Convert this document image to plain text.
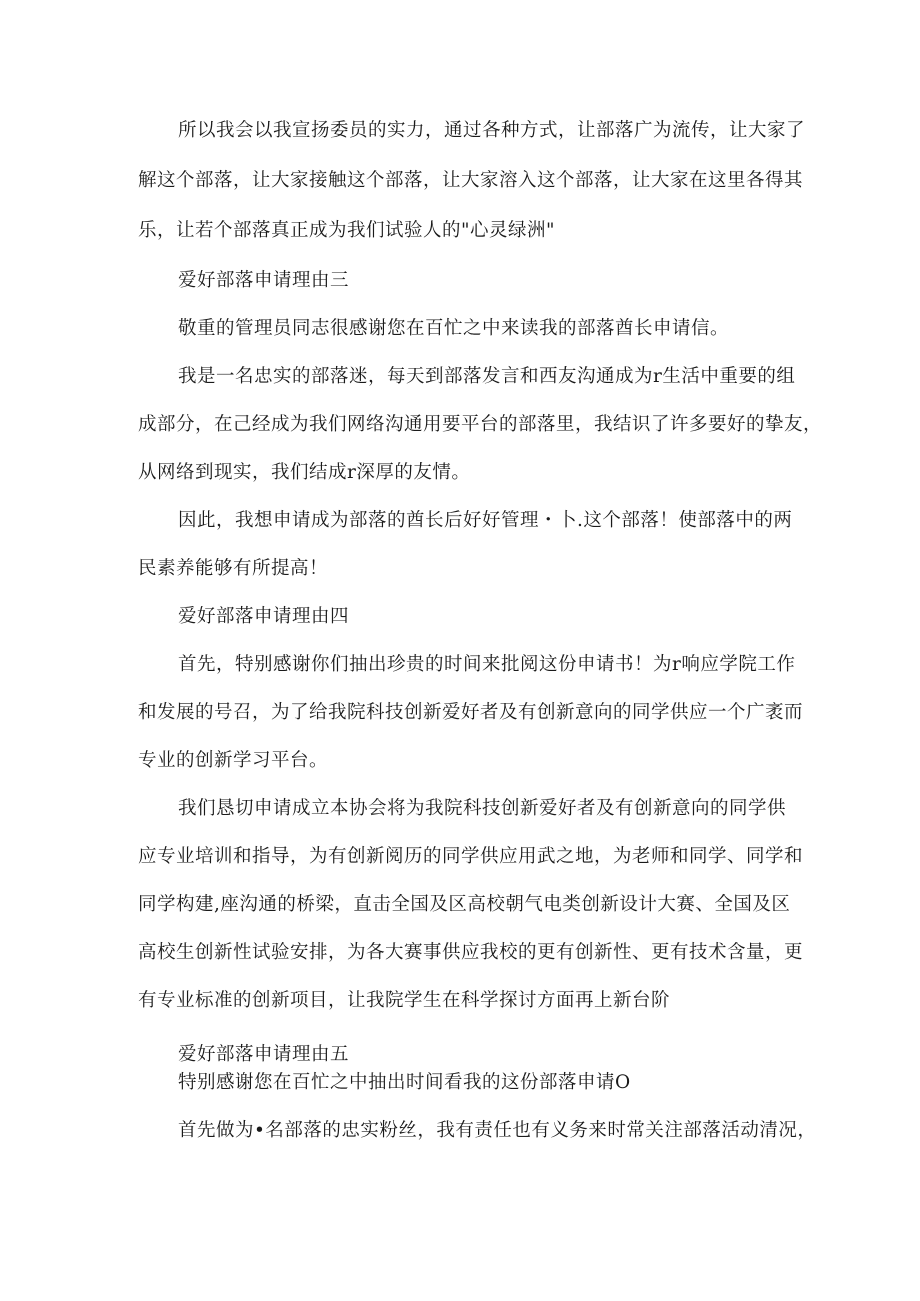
所以我会以我宣扬委员的实力，通过各种方式，让部落广为流传，让大家了
解这个部落，让大家接触这个部落，让大家溶入这个部落，让大家在这里各得其
乐，让若个部落真正成为我们试验人的"心灵绿洲"
爱好部落申请理由三
敬重的管理员同志很感谢您在百忙之中来读我的部落酋长申请信。
我是一名忠实的部落迷，每天到部落发言和西友沟通成为r生活中重要的组
成部分，在己经成为我们网络沟通用要平台的部落里，我结识了许多要好的挚友，
从网络到现实，我们结成r深厚的友情。
因此，我想申请成为部落的酋长后好好管理・卜.这个部落！使部落中的两
民素养能够有所提高！
爱好部落申请理由四
首先，特别感谢你们抽出珍贵的时间来批阅这份申请书！为r响应学院工作
和发展的号召，为了给我院科技创新爱好者及有创新意向的同学供应一个广袤而
专业的创新学习平台。
我们恳切申请成立本协会将为我院科技创新爱好者及有创新意向的同学供
应专业培训和指导，为有创新阅历的同学供应用武之地，为老师和同学、同学和
同学构建,座沟通的桥梁，直击全国及区高校朝气电类创新设计大赛、全国及区
高校生创新性试验安排，为各大赛事供应我校的更有创新性、更有技术含量，更
有专业标准的创新项目，让我院学生在科学探讨方面再上新台阶
爱好部落申请理由五
特别感谢您在百忙之中抽出时间看我的这份部落申请O
首先做为•名部落的忠实粉丝，我有责任也有义务来时常关注部落活动清况，
